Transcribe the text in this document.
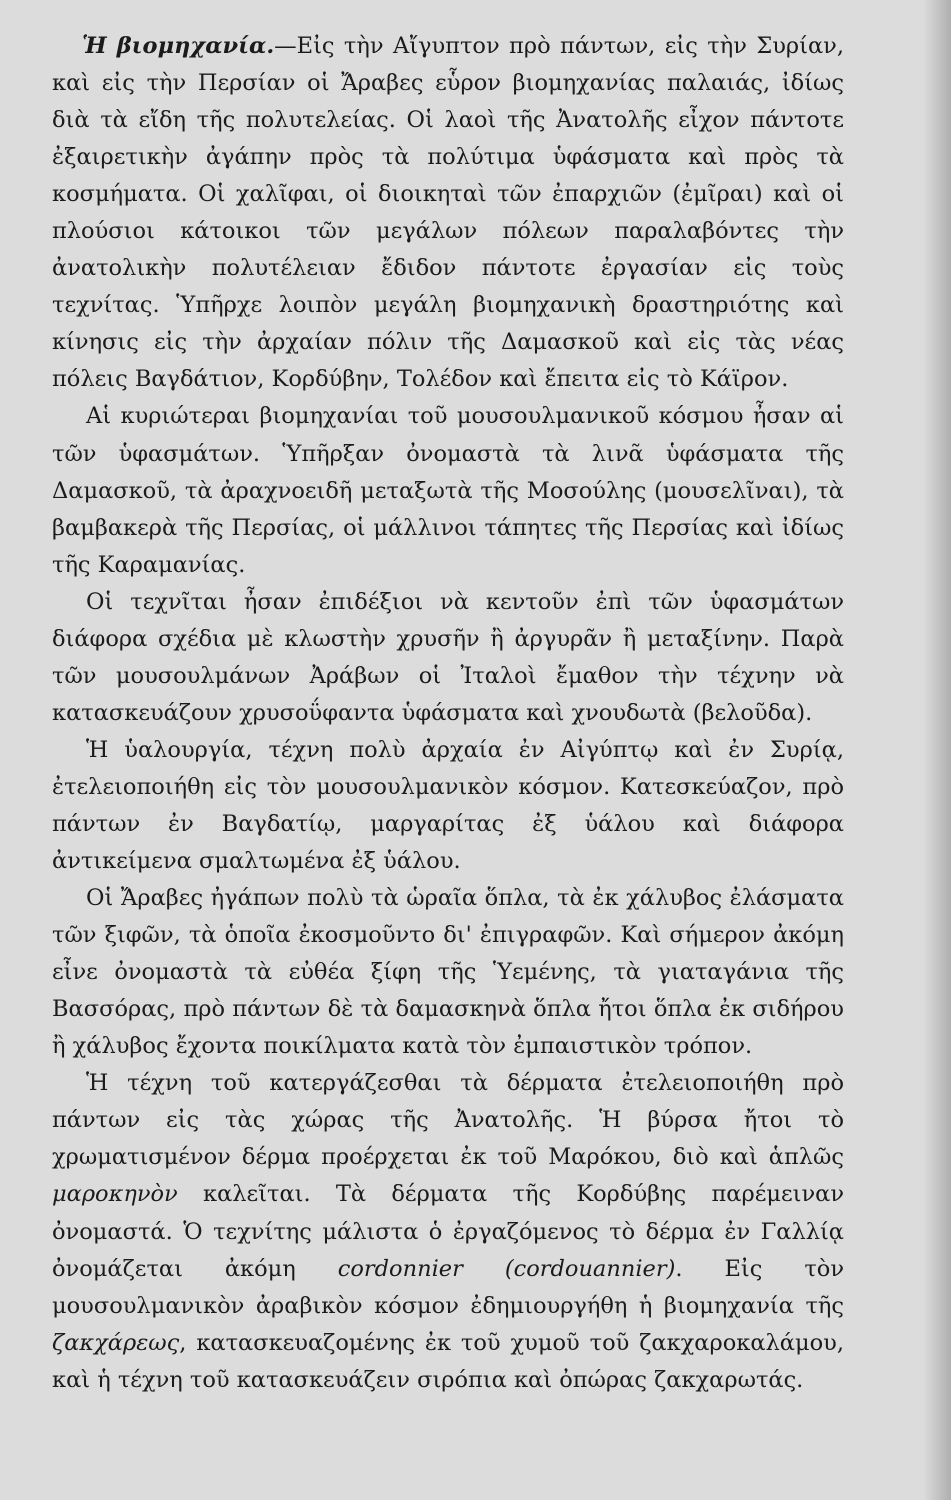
Ἡ βιομηχανία.—Εἰς τὴν Αἴγυπτον πρὸ πάντων, εἰς τὴν Συρίαν, καὶ εἰς τὴν Περσίαν οἱ Ἄραβες εὗρον βιομηχανίας παλαιάς, ἰδίως διὰ τὰ εἴδη τῆς πολυτελείας. Οἱ λαοὶ τῆς Ἀνατολῆς εἶχον πάντοτε ἐξαιρετικὴν ἀγάπην πρὸς τὰ πολύτιμα ὑφάσματα καὶ πρὸς τὰ κοσμήματα. Οἱ χαλῖφαι, οἱ διοικηταὶ τῶν ἐπαρχιῶν (ἐμῖραι) καὶ οἱ πλούσιοι κάτοικοι τῶν μεγάλων πόλεων παραλαβόντες τὴν ἀνατολικὴν πολυτέλειαν ἔδιδον πάντοτε ἐργασίαν εἰς τοὺς τεχνίτας. Ὑπῆρχε λοιπὸν μεγάλη βιομηχανικὴ δραστηριότης καὶ κίνησις εἰς τὴν ἀρχαίαν πόλιν τῆς Δαμασκοῦ καὶ εἰς τὰς νέας πόλεις Βαγδάτιον, Κορδύβην, Τολέδον καὶ ἔπειτα εἰς τὸ Κάϊρον.

Αἱ κυριώτεραι βιομηχανίαι τοῦ μουσουλμανικοῦ κόσμου ἦσαν αἱ τῶν ὑφασμάτων. Ὑπῆρξαν ὀνομαστὰ τὰ λινᾶ ὑφάσματα τῆς Δαμασκοῦ, τὰ ἀραχνοειδῆ μεταξωτὰ τῆς Μοσούλης (μουσελῖναι), τὰ βαμβακερὰ τῆς Περσίας, οἱ μάλλινοι τάπητες τῆς Περσίας καὶ ἰδίως τῆς Καραμανίας.

Οἱ τεχνῖται ἦσαν ἐπιδέξιοι νὰ κεντοῦν ἐπὶ τῶν ὑφασμάτων διάφορα σχέδια μὲ κλωστὴν χρυσῆν ἢ ἀργυρᾶν ἢ μεταξίνην. Παρὰ τῶν μουσουλμάνων Ἀράβων οἱ Ἰταλοὶ ἔμαθον τὴν τέχνην νὰ κατασκευάζουν χρυσοΰφαντα ὑφάσματα καὶ χνουδωτὰ (βελοῦδα).

Ἡ ὑαλουργία, τέχνη πολὺ ἀρχαία ἐν Αἰγύπτῳ καὶ ἐν Συρίᾳ, ἐτελειοποιήθη εἰς τὸν μουσουλμανικὸν κόσμον. Κατεσκεύαζον, πρὸ πάντων ἐν Βαγδατίῳ, μαργαρίτας ἐξ ὑάλου καὶ διάφορα ἀντικείμενα σμαλτωμένα ἐξ ὑάλου.

Οἱ Ἄραβες ἠγάπων πολὺ τὰ ὡραῖα ὅπλα, τὰ ἐκ χάλυβος ἐλάσματα τῶν ξιφῶν, τὰ ὁποῖα ἐκοσμοῦντο δι' ἐπιγραφῶν. Καὶ σήμερον ἀκόμη εἶνε ὀνομαστὰ τὰ εὐθέα ξίφη τῆς Ὑεμένης, τὰ γιαταγάνια τῆς Βασσόρας, πρὸ πάντων δὲ τὰ δαμασκηνὰ ὅπλα ἤτοι ὅπλα ἐκ σιδήρου ἢ χάλυβος ἔχοντα ποικίλματα κατὰ τὸν ἐμπαιστικὸν τρόπον.

Ἡ τέχνη τοῦ κατεργάζεσθαι τὰ δέρματα ἐτελειοποιήθη πρὸ πάντων εἰς τὰς χώρας τῆς Ἀνατολῆς. Ἡ βύρσα ἤτοι τὸ χρωματισμένον δέρμα προέρχεται ἐκ τοῦ Μαρόκου, διὸ καὶ ἁπλῶς μαροκηνὸν καλεῖται. Τὰ δέρματα τῆς Κορδύβης παρέμειναν ὀνομαστά. Ὁ τεχνίτης μάλιστα ὁ ἐργαζόμενος τὸ δέρμα ἐν Γαλλίᾳ ὀνομάζεται ἀκόμη cordonnier (cordouannier). Εἰς τὸν μουσουλμανικὸν ἀραβικὸν κόσμον ἐδημιουργήθη ἡ βιομηχανία τῆς ζακχάρεως, κατασκευαζομένης ἐκ τοῦ χυμοῦ τοῦ ζακχαροκαλάμου, καὶ ἡ τέχνη τοῦ κατασκευάζειν σιρόπια καὶ ὀπώρας ζακχαρωτάς.
